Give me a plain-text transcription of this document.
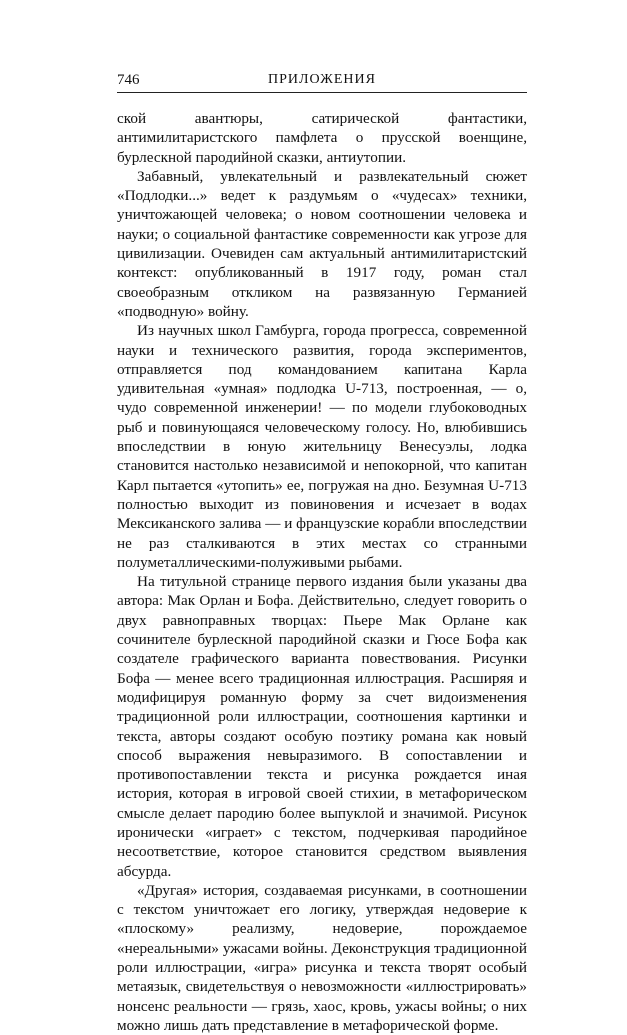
746	ПРИЛОЖЕНИЯ

ской авантюры, сатирической фантастики, антимилитаристского памфлета о прусской военщине, бурлескной пародийной сказки, антиутопии.

Забавный, увлекательный и развлекательный сюжет «Подлодки...» ведет к раздумьям о «чудесах» техники, уничтожающей человека; о новом соотношении человека и науки; о социальной фантастике современности как угрозе для цивилизации. Очевиден сам актуальный антимилитаристский контекст: опубликованный в 1917 году, роман стал своеобразным откликом на развязанную Германией «подводную» войну.

Из научных школ Гамбурга, города прогресса, современной науки и технического развития, города экспериментов, отправляется под командованием капитана Карла удивительная «умная» подлодка U-713, построенная, — о, чудо современной инженерии! — по модели глубоководных рыб и повинующаяся человеческому голосу. Но, влюбившись впоследствии в юную жительницу Венесуэлы, лодка становится настолько независимой и непокорной, что капитан Карл пытается «утопить» ее, погружая на дно. Безумная U-713 полностью выходит из повиновения и исчезает в водах Мексиканского залива — и французские корабли впоследствии не раз сталкиваются в этих местах со странными полуметаллическими-полуживыми рыбами.

На титульной странице первого издания были указаны два автора: Мак Орлан и Бофа. Действительно, следует говорить о двух равноправных творцах: Пьере Мак Орлане как сочинителе бурлескной пародийной сказки и Гюсе Бофа как создателе графического варианта повествования. Рисунки Бофа — менее всего традиционная иллюстрация. Расширяя и модифицируя романную форму за счет видоизменения традиционной роли иллюстрации, соотношения картинки и текста, авторы создают особую поэтику романа как новый способ выражения невыразимого. В сопоставлении и противопоставлении текста и рисунка рождается иная история, которая в игровой своей стихии, в метафорическом смысле делает пародию более выпуклой и значимой. Рисунок иронически «играет» с текстом, подчеркивая пародийное несоответствие, которое становится средством выявления абсурда.

«Другая» история, создаваемая рисунками, в соотношении с текстом уничтожает его логику, утверждая недоверие к «плоскому» реализму, недоверие, порождаемое «нереальными» ужасами войны. Деконструкция традиционной роли иллюстрации, «игра» рисунка и текста творят особый метаязык, свидетельствуя о невозможности «иллюстрировать» нонсенс реальности — грязь, хаос, кровь, ужасы войны; о них можно лишь дать представление в метафорической форме.
